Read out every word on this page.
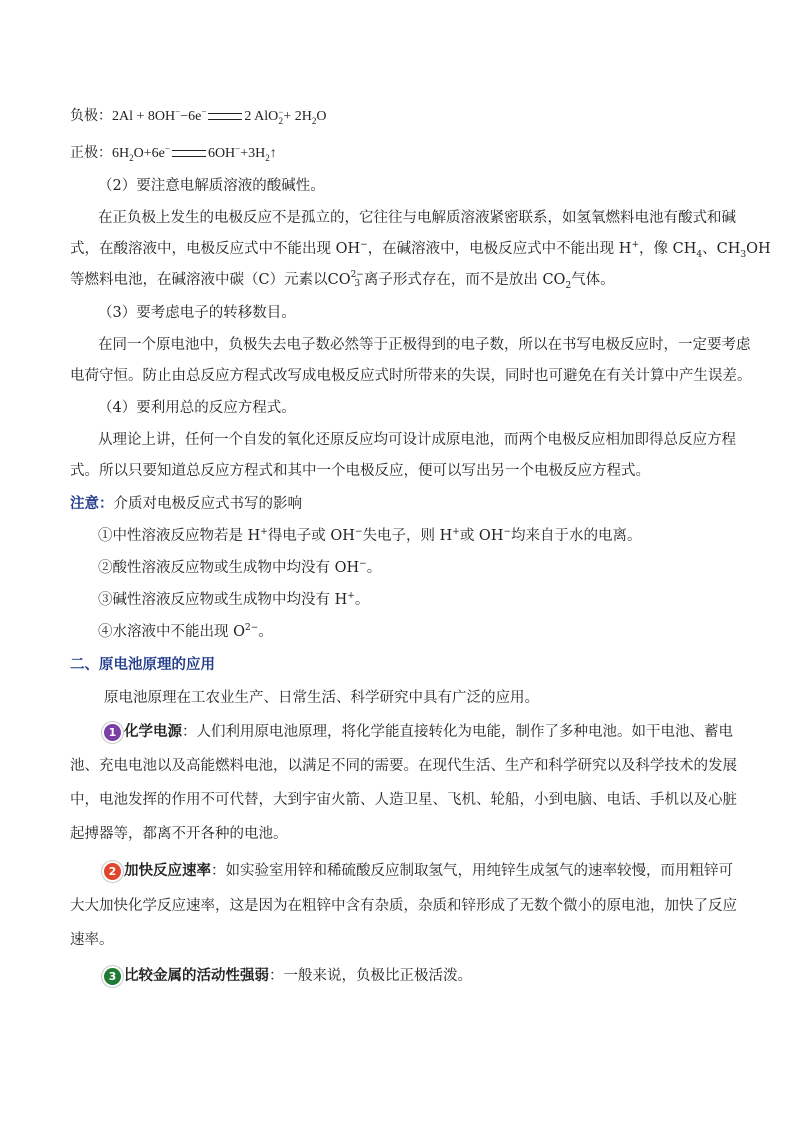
负极：2Al + 8OH−−6e−	2 AlO−
$2+ 2H_2O$
正极：$6H_2O+6e^-$	$6OH^-+3H_2↑$
（2）要注意电解质溶液的酸碱性。
在正负极上发生的电极反应不是孤立的，它往往与电解质溶液紧密联系，如氢氧燃料电池有酸式和碱
式，在酸溶液中，电极反应式中不能出现 OH−，在碱溶液中，电极反应式中不能出现 H+，像 $CH_4$、$CH_3OH$
等燃料电池，在碱溶液中碳（C）元素以CO2−
3 离子形式存在，而不是放出 $CO_2$气体。
（3）要考虑电子的转移数目。
在同一个原电池中，负极失去电子数必然等于正极得到的电子数，所以在书写电极反应时，一定要考虑
电荷守恒。防止由总反应方程式改写成电极反应式时所带来的失误，同时也可避免在有关计算中产生误差。
（4）要利用总的反应方程式。
从理论上讲，任何一个自发的氧化还原反应均可设计成原电池，而两个电极反应相加即得总反应方程
式。所以只要知道总反应方程式和其中一个电极反应，便可以写出另一个电极反应方程式。
注意：介质对电极反应式书写的影响
①中性溶液反应物若是 H+得电子或 OH−失电子，则 H+或 OH−均来自于水的电离。
②酸性溶液反应物或生成物中均没有 OH−。
③碱性溶液反应物或生成物中均没有 H+。
④水溶液中不能出现 $O^{2-}$。
二、原电池原理的应用
原电池原理在工农业生产、日常生活、科学研究中具有广泛的应用。
1 化学电源：人们利用原电池原理，将化学能直接转化为电能，制作了多种电池。如干电池、蓄电
池、充电电池以及高能燃料电池，以满足不同的需要。在现代生活、生产和科学研究以及科学技术的发展
中，电池发挥的作用不可代替，大到宇宙火箭、人造卫星、飞机、轮船，小到电脑、电话、手机以及心脏
起搏器等，都离不开各种的电池。
2 加快反应速率：如实验室用锌和稀硫酸反应制取氢气，用纯锌生成氢气的速率较慢，而用粗锌可
大大加快化学反应速率，这是因为在粗锌中含有杂质，杂质和锌形成了无数个微小的原电池，加快了反应
速率。
3 比较金属的活动性强弱：一般来说，负极比正极活泼。
